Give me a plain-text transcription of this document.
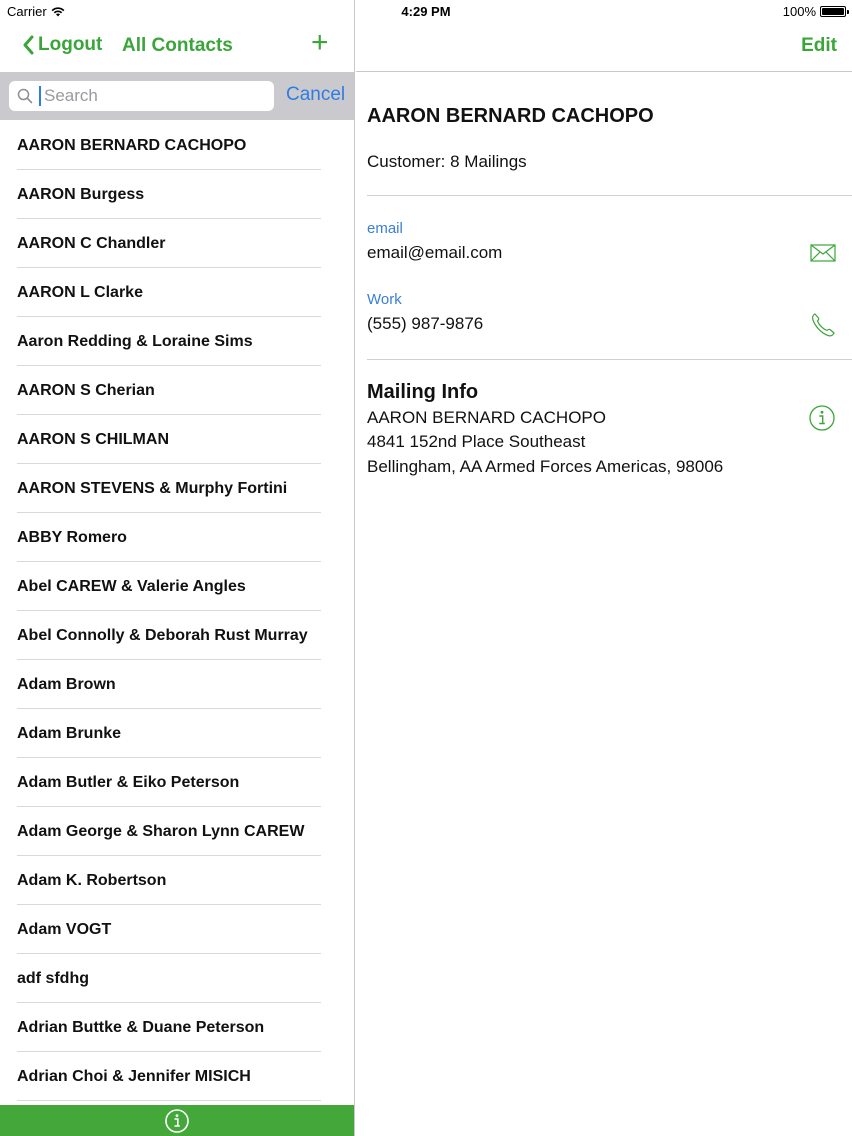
Carrier	4:29 PM	100%
Logout All Contacts	+
Search
Cancel
AARON BERNARD CACHOPO
AARON Burgess
AARON C Chandler
AARON L Clarke
Aaron Redding & Loraine Sims
AARON S Cherian
AARON S CHILMAN
AARON STEVENS & Murphy Fortini
ABBY Romero
Abel CAREW & Valerie Angles
Abel Connolly & Deborah Rust Murray
Adam Brown
Adam Brunke
Adam Butler & Eiko Peterson
Adam George & Sharon Lynn CAREW
Adam K. Robertson
Adam VOGT
adf sfdhg
Adrian Buttke & Duane Peterson
Adrian Choi & Jennifer MISICH
Edit
AARON BERNARD CACHOPO
Customer: 8 Mailings
email
email@email.com
Work
(555) 987-9876
Mailing Info
AARON BERNARD CACHOPO
4841 152nd Place Southeast
Bellingham, AA Armed Forces Americas, 98006
